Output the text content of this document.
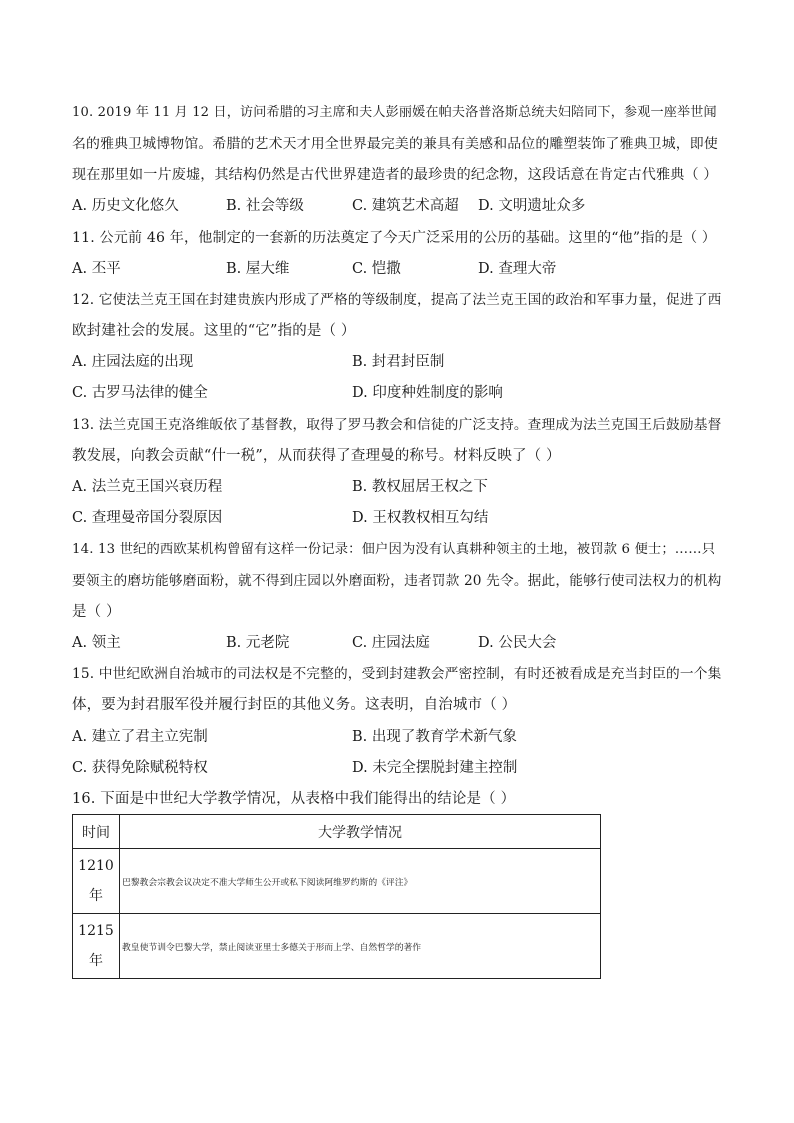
10. 2019 年 11 月 12 日，访问希腊的习主席和夫人彭丽媛在帕夫洛普洛斯总统夫妇陪同下，参观一座举世闻
名的雅典卫城博物馆。希腊的艺术天才用全世界最完美的兼具有美感和品位的雕塑装饰了雅典卫城，即使
现在那里如一片废墟，其结构仍然是古代世界建造者的最珍贵的纪念物，这段话意在肯定古代雅典（ ）
A. 历史文化悠久	B. 社会等级	C. 建筑艺术高超 D. 文明遗址众多
11. 公元前 46 年，他制定的一套新的历法奠定了今天广泛采用的公历的基础。这里的“他”指的是（ ）
A. 丕平	B. 屋大维	C. 恺撒	D. 查理大帝
12. 它使法兰克王国在封建贵族内形成了严格的等级制度，提高了法兰克王国的政治和军事力量，促进了西
欧封建社会的发展。这里的“它”指的是（ ）
A. 庄园法庭的出现	B. 封君封臣制
C. 古罗马法律的健全	D. 印度种姓制度的影响
13. 法兰克国王克洛维皈依了基督教，取得了罗马教会和信徒的广泛支持。查理成为法兰克国王后鼓励基督
教发展，向教会贡献“什一税”，从而获得了查理曼的称号。材料反映了（ ）
A. 法兰克王国兴衰历程	B. 教权屈居王权之下
C. 查理曼帝国分裂原因	D. 王权教权相互勾结
14. 13 世纪的西欧某机构曾留有这样一份记录：佃户因为没有认真耕种领主的土地，被罚款 6 便士；……只
要领主的磨坊能够磨面粉，就不得到庄园以外磨面粉，违者罚款 20 先令。据此，能够行使司法权力的机构
是（ ）
A. 领主	B. 元老院	C. 庄园法庭	D. 公民大会
15. 中世纪欧洲自治城市的司法权是不完整的，受到封建教会严密控制，有时还被看成是充当封臣的一个集
体，要为封君服军役并履行封臣的其他义务。这表明，自治城市（ ）
A. 建立了君主立宪制	B. 出现了教育学术新气象
C. 获得免除赋税特权	D. 未完全摆脱封建主控制
16. 下面是中世纪大学教学情况，从表格中我们能得出的结论是（ ）
时间	大学教学情况

1210
年	巴黎教会宗教会议决定不准大学师生公开或私下阅读阿维罗约斯的《评注》

1215
年	教皇使节训令巴黎大学，禁止阅读亚里士多德关于形而上学、自然哲学的著作
